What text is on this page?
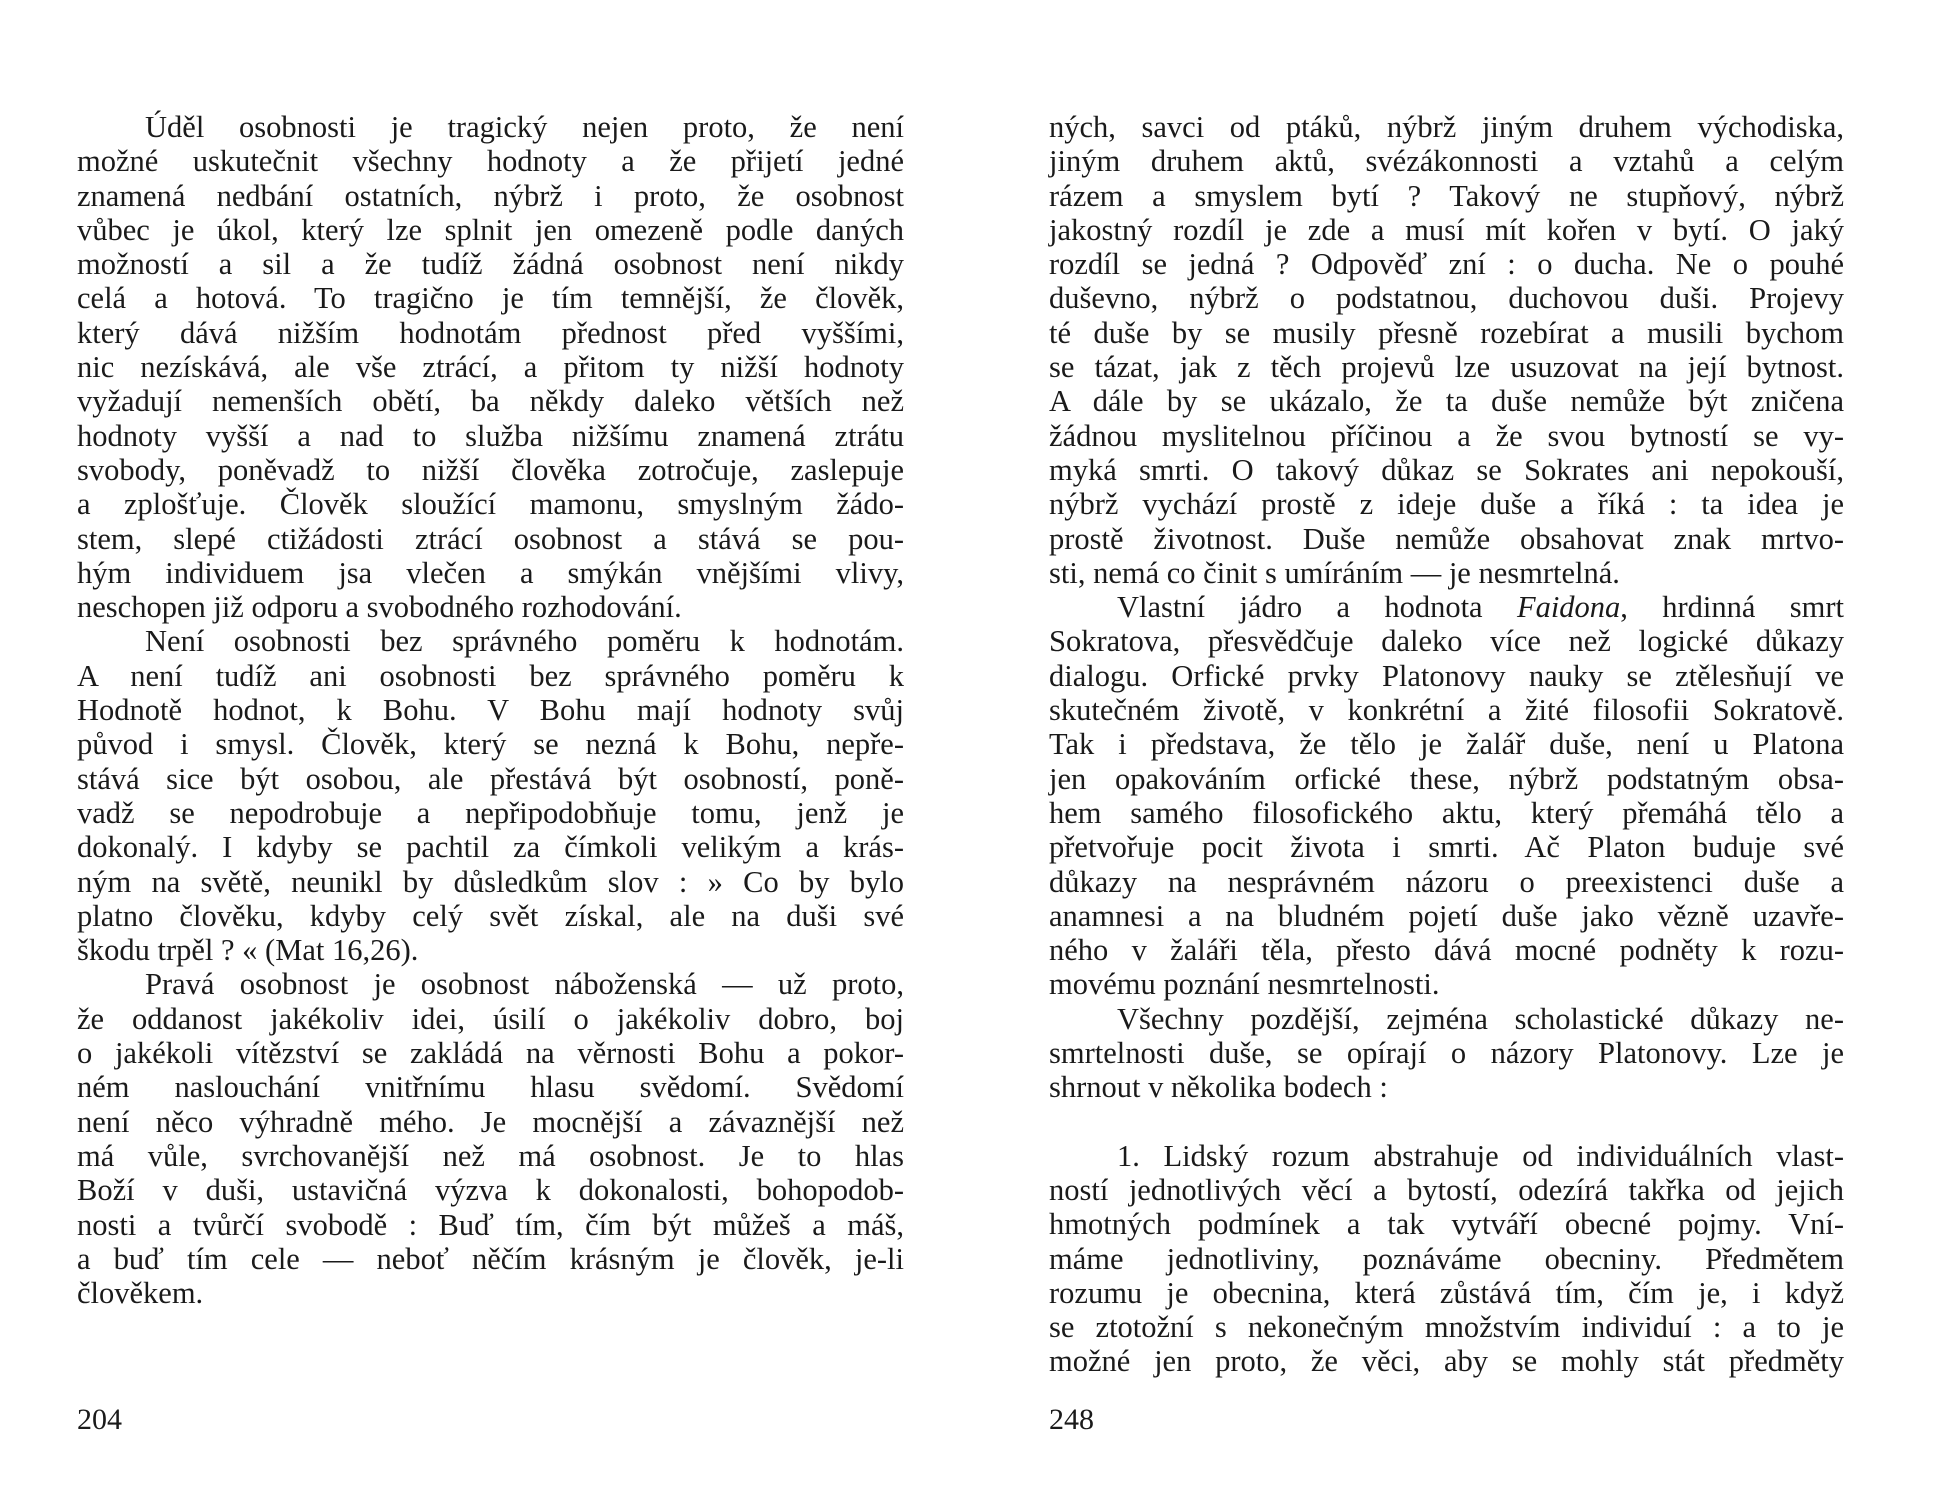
Úděl osobnosti je tragický nejen proto, že není
možné uskutečnit všechny hodnoty a že přijetí jedné
znamená nedbání ostatních, nýbrž i proto, že osobnost
vůbec je úkol, který lze splnit jen omezeně podle daných
možností a sil a že tudíž žádná osobnost není nikdy
celá a hotová. To tragično je tím temnější, že člověk,
který dává nižším hodnotám přednost před vyššími,
nic nezískává, ale vše ztrácí, a přitom ty nižší hodnoty
vyžadují nemenších obětí, ba někdy daleko větších než
hodnoty vyšší a nad to služba nižšímu znamená ztrátu
svobody, poněvadž to nižší člověka zotročuje, zaslepuje
a zplošťuje. Člověk sloužící mamonu, smyslným žádo-
stem, slepé ctižádosti ztrácí osobnost a stává se pou-
hým individuem jsa vlečen a smýkán vnějšími vlivy,
neschopen již odporu a svobodného rozhodování.

Není osobnosti bez správného poměru k hodnotám.
A není tudíž ani osobnosti bez správného poměru k
Hodnotě hodnot, k Bohu. V Bohu mají hodnoty svůj
původ i smysl. Člověk, který se nezná k Bohu, nepře-
stává sice být osobou, ale přestává být osobností, poně-
vadž se nepodrobuje a nepřipodobňuje tomu, jenž je
dokonalý. I kdyby se pachtil za čímkoli velikým a krás-
ným na světě, neunikl by důsledkům slov : » Co by bylo
platno člověku, kdyby celý svět získal, ale na duši své
škodu trpěl ? « (Mat 16,26).

Pravá osobnost je osobnost náboženská — už proto,
že oddanost jakékoliv idei, úsilí o jakékoliv dobro, boj
o jakékoli vítězství se zakládá na věrnosti Bohu a pokor-
ném naslouchání vnitřnímu hlasu svědomí. Svědomí
není něco výhradně mého. Je mocnější a závaznější než
má vůle, svrchovanější než má osobnost. Je to hlas
Boží v duši, ustavičná výzva k dokonalosti, bohopodob-
nosti a tvůrčí svobodě : Buď tím, čím být můžeš a máš,
a buď tím cele — neboť něčím krásným je člověk, je-li
člověkem.

204

ných, savci od ptáků, nýbrž jiným druhem východiska,
jiným druhem aktů, svézákonnosti a vztahů a celým
rázem a smyslem bytí ? Takový ne stupňový, nýbrž
jakostný rozdíl je zde a musí mít kořen v bytí. O jaký
rozdíl se jedná ? Odpověď zní : o ducha. Ne o pouhé
duševno, nýbrž o podstatnou, duchovou duši. Projevy
té duše by se musily přesně rozebírat a musili bychom
se tázat, jak z těch projevů lze usuzovat na její bytnost.
A dále by se ukázalo, že ta duše nemůže být zničena
žádnou myslitelnou příčinou a že svou bytností se vy-
myká smrti. O takový důkaz se Sokrates ani nepokouší,
nýbrž vychází prostě z ideje duše a říká : ta idea je
prostě životnost. Duše nemůže obsahovat znak mrtvo-
sti, nemá co činit s umíráním — je nesmrtelná.

Vlastní jádro a hodnota Faidona, hrdinná smrt
Sokratova, přesvědčuje daleko více než logické důkazy
dialogu. Orfické prvky Platonovy nauky se ztělesňují ve
skutečném životě, v konkrétní a žité filosofii Sokratově.
Tak i představa, že tělo je žalář duše, není u Platona
jen opakováním orfické these, nýbrž podstatným obsa-
hem samého filosofického aktu, který přemáhá tělo a
přetvořuje pocit života i smrti. Ač Platon buduje své
důkazy na nesprávném názoru o preexistenci duše a
anamnesi a na bludném pojetí duše jako vězně uzavře-
ného v žaláři těla, přesto dává mocné podněty k rozu-
movému poznání nesmrtelnosti.

Všechny pozdější, zejména scholastické důkazy ne-
smrtelnosti duše, se opírají o názory Platonovy. Lze je
shrnout v několika bodech :

1. Lidský rozum abstrahuje od individuálních vlast-
ností jednotlivých věcí a bytostí, odezírá takřka od jejich
hmotných podmínek a tak vytváří obecné pojmy. Vní-
máme jednotliviny, poznáváme obecniny. Předmětem
rozumu je obecnina, která zůstává tím, čím je, i když
se ztotožní s nekonečným množstvím individuí : a to je
možné jen proto, že věci, aby se mohly stát předměty

248
